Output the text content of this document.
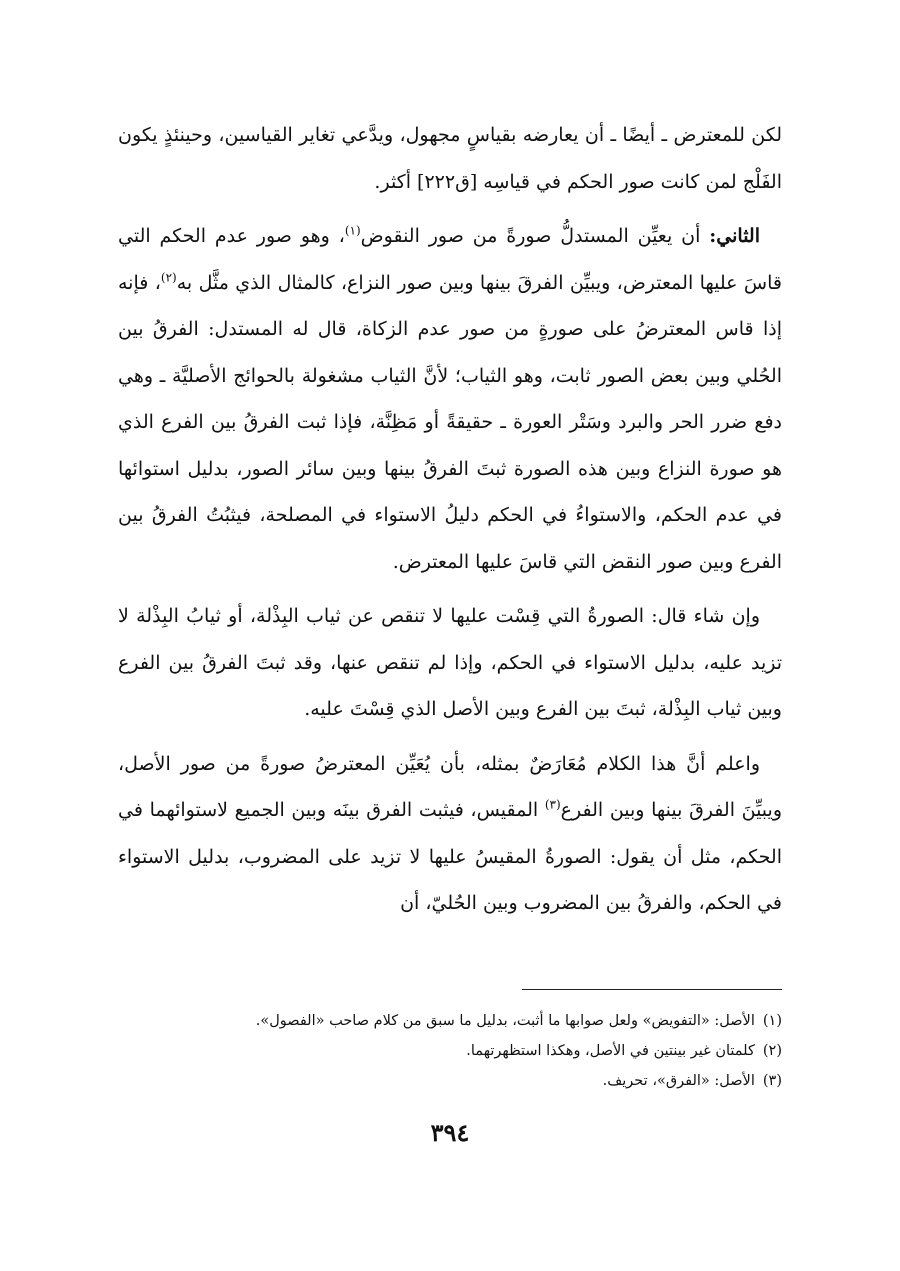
لكن للمعترض ـ أيضًا ـ أن يعارضه بقياسٍ مجهول، ويدَّعي تغاير القياسين، وحينئذٍ يكون الفَلْج لمن كانت صور الحكم في قياسِه [ق٢٢٢] أكثر.

الثاني: أن يعيِّن المستدلُّ صورةً من صور النقوض$^{(١)}$، وهو صور عدم الحكم التي قاسَ عليها المعترض، ويبيِّن الفرقَ بينها وبين صور النزاع، كالمثال الذي مثَّل به$^{(٢)}$، فإنه إذا قاس المعترضُ على صورةٍ من صور عدم الزكاة، قال له المستدل: الفرقُ بين الحُلي وبين بعض الصور ثابت، وهو الثياب؛ لأنَّ الثياب مشغولة بالحوائج الأصليَّة ـ وهي دفع ضرر الحر والبرد وسَتْر العورة ـ حقيقةً أو مَظِنَّة، فإذا ثبت الفرقُ بين الفرع الذي هو صورة النزاع وبين هذه الصورة ثبتَ الفرقُ بينها وبين سائر الصور، بدليل استوائها في عدم الحكم، والاستواءُ في الحكم دليلُ الاستواء في المصلحة، فيثبُتُ الفرقُ بين الفرع وبين صور النقض التي قاسَ عليها المعترض.

وإن شاء قال: الصورةُ التي قِسْت عليها لا تنقص عن ثياب البِذْلة، أو ثيابُ البِذْلة لا تزيد عليه، بدليل الاستواء في الحكم، وإذا لم تنقص عنها، وقد ثبتَ الفرقُ بين الفرع وبين ثياب البِذْلة، ثبتَ بين الفرع وبين الأصل الذي قِسْتَ عليه.

واعلم أنَّ هذا الكلام مُعَارَضٌ بمثله، بأن يُعَيِّن المعترضُ صورةً من صور الأصل، ويبيِّنَ الفرقَ بينها وبين الفرع$^{(٣)}$ المقيس، فيثبت الفرق بينَه وبين الجميع لاستوائهما في الحكم، مثل أن يقول: الصورةُ المقيسُ عليها لا تزيد على المضروب، بدليل الاستواء في الحكم، والفرقُ بين المضروب وبين الحُليّ، أن

(١)
الأصل: «التفويض» ولعل صوابها ما أثبت، بدليل ما سبق من كلام صاحب «الفصول».
(٢)
كلمتان غير بينتين في الأصل، وهكذا استظهرتهما.
(٣)
الأصل: «الفرق»، تحريف.
٣٩٤
